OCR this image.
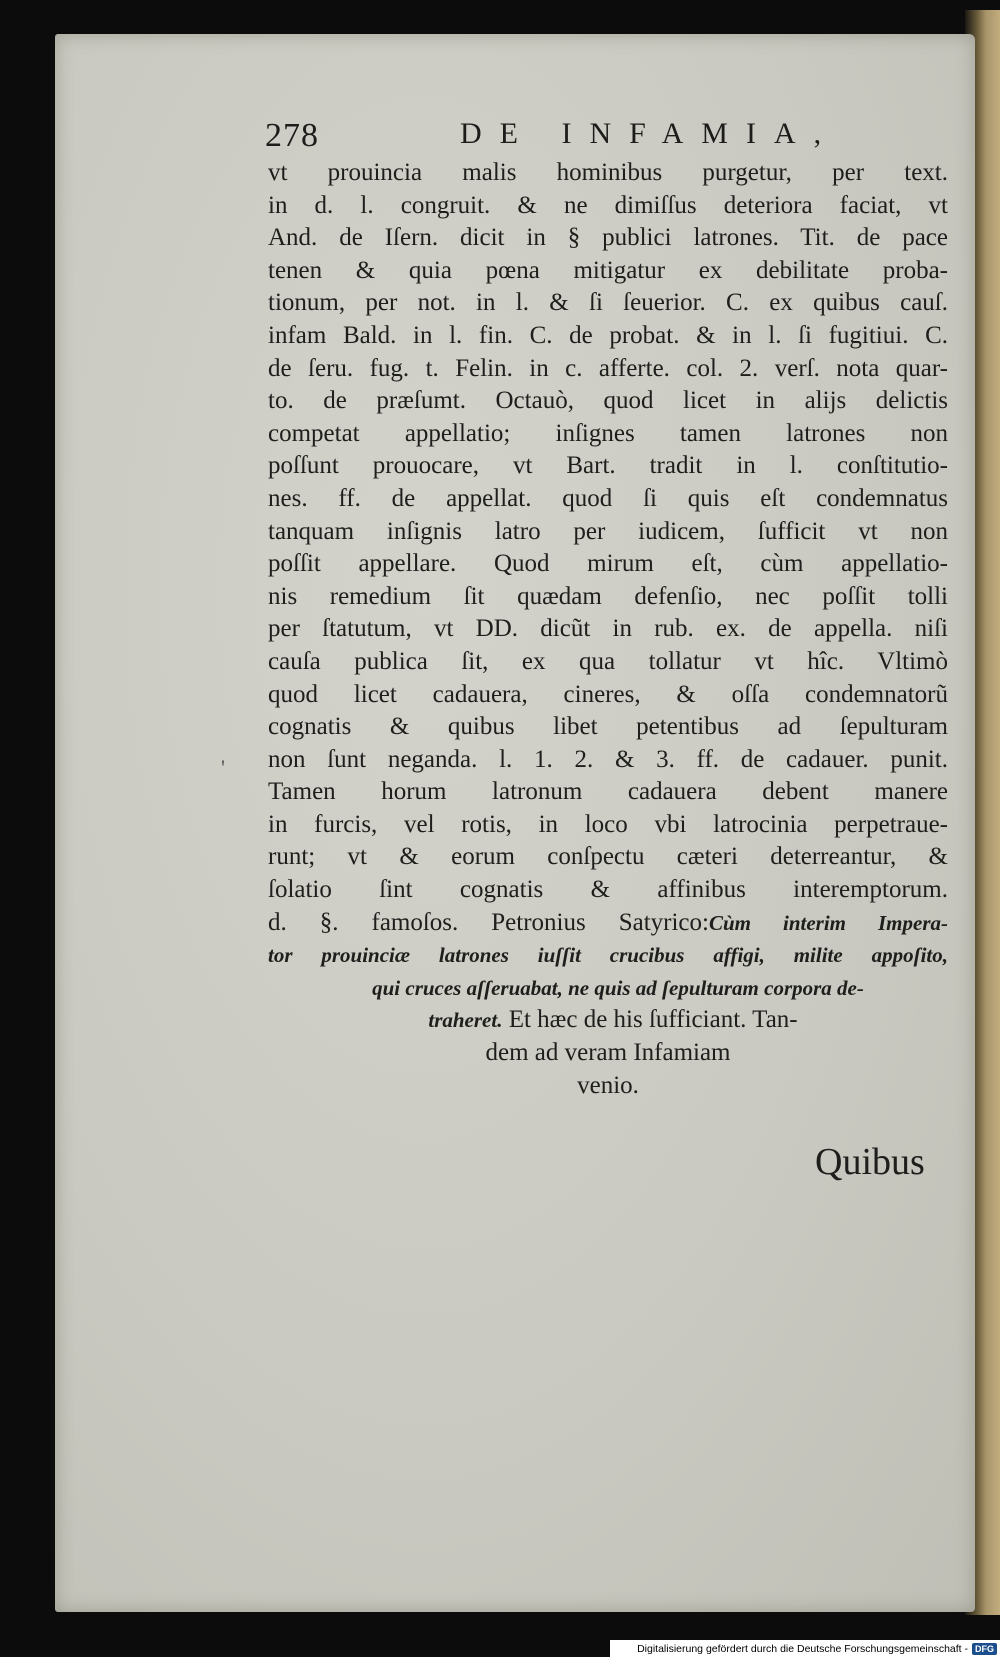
278	DE INFAMIA,
'
vt prouincia malis hominibus purgetur, per text.
in d. l. congruit. & ne dimiſſus deteriora faciat, vt
And. de Iſern. dicit in § publici latrones. Tit. de pace
tenen & quia pœna mitigatur ex debilitate proba-
tionum, per not. in l. & ſi ſeuerior. C. ex quibus cauſ.
infam Bald. in l. fin. C. de probat. & in l. ſi fugitiui. C.
de ſeru. fug. t. Felin. in c. afferte. col. 2. verſ. nota quar-
to. de præſumt. Octauò, quod licet in alijs delictis
competat appellatio; inſignes tamen latrones non
poſſunt prouocare, vt Bart. tradit in l. conſtitutio-
nes. ff. de appellat. quod ſi quis eſt condemnatus
tanquam inſignis latro per iudicem, ſufficit vt non
poſſit appellare. Quod mirum eſt, cùm appellatio-
nis remedium ſit quædam defenſio, nec poſſit tolli
per ſtatutum, vt DD. dicũt in rub. ex. de appella. niſi
cauſa publica ſit, ex qua tollatur vt hîc. Vltimò
quod licet cadauera, cineres, & oſſa condemnatorũ
cognatis & quibus libet petentibus ad ſepulturam
non ſunt neganda. l. 1. 2. & 3. ff. de cadauer. punit.
Tamen horum latronum cadauera debent manere
in furcis, vel rotis, in loco vbi latrocinia perpetraue-
runt; vt & eorum conſpectu cæteri deterreantur, &
ſolatio ſint cognatis & affinibus interemptorum.
d. §. famoſos. Petronius Satyrico:Cùm interim Impera-
tor prouinciæ latrones iuſſit crucibus affigi, milite appoſito,
qui cruces aſſeruabat, ne quis ad ſepulturam corpora de-
traheret. Et hæc de his ſufficiant. Tan-
dem ad veram Infamiam
venio.
Quibus
Digitalisierung gefördert durch die Deutsche Forschungsgemeinschaft - DFG
